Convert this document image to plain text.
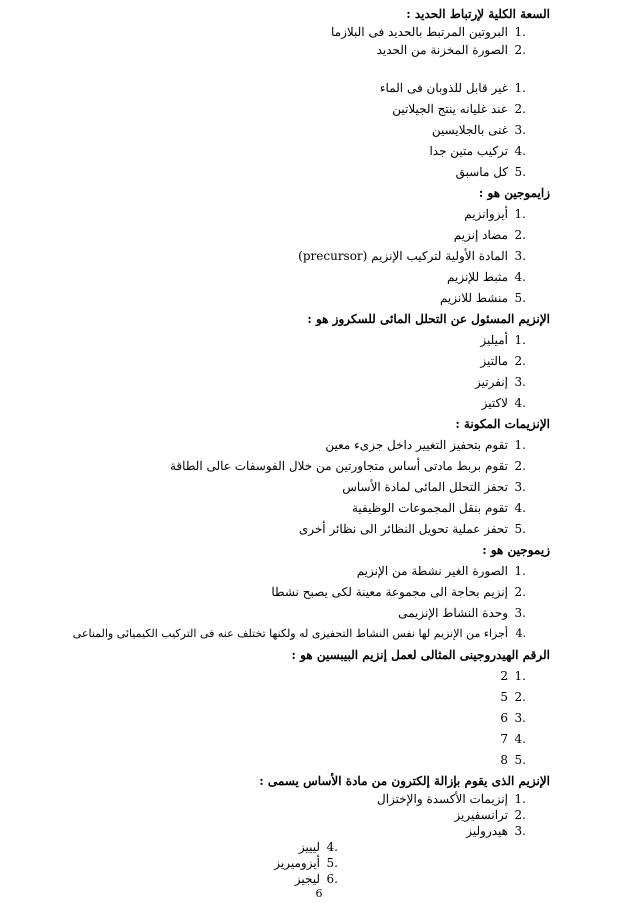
1.غير قابل للذوبان فى الماء
2.عند غليانه ينتج الجيلاتين
3.غنى بالجلايسين
4.تركيب متين جدا
5.كل ماسبق
زايموجين هو :
1.أيزوانزيم
2.مضاد إنزيم
3.المادة الأولية لتركيب الإنزيم (precursor)
4.مثبط للإنزيم
5.منشط للانزيم
الإنزيم المسئول عن التحلل المائى للسكروز هو :
1.أميليز
2.مالتيز
3.إنفرتيز
4.لاكتيز
الإنزيمات المكونة :
1.تقوم بتحفيز التغيير داخل جزىء معين
2.تقوم بربط مادتى أساس متجاورتين من خلال الفوسفات عالى الطاقة
3.تحفز التحلل المائى لمادة الأساس
4.تقوم بنقل المجموعات الوظيفية
5.تحفز عملية تحويل النظائر الى نظائر أخرى
زيموجين هو :
1.الصورة الغير نشطة من الإنزيم
2.إنزيم بحاجة الى مجموعة معينة لكى يصبح نشطا
3.وحدة النشاط الإنزيمى
4.أجزاء من الإنزيم لها نفس النشاط التحفيزى له ولكنها تختلف عنه فى التركيب الكيميائى والمناعى
الرقم الهيدروجينى المثالى لعمل إنزيم البيبسين هو :
1.2
2.5
3.6
4.7
5.8
الإنزيم الذى يقوم بإزالة إلكترون من مادة الأساس يسمى :
1.إنزيمات الأكسدة والإختزال
2.ترانسفيريز
3.هيدروليز
4.ليييز
5.أيزوميريز
6.ليجيز
السعة الكلية لإرتباط الحديد :
1.البروتين المرتبط بالحديد فى البلازما
2.الصورة المخزنة من الحديد
6
